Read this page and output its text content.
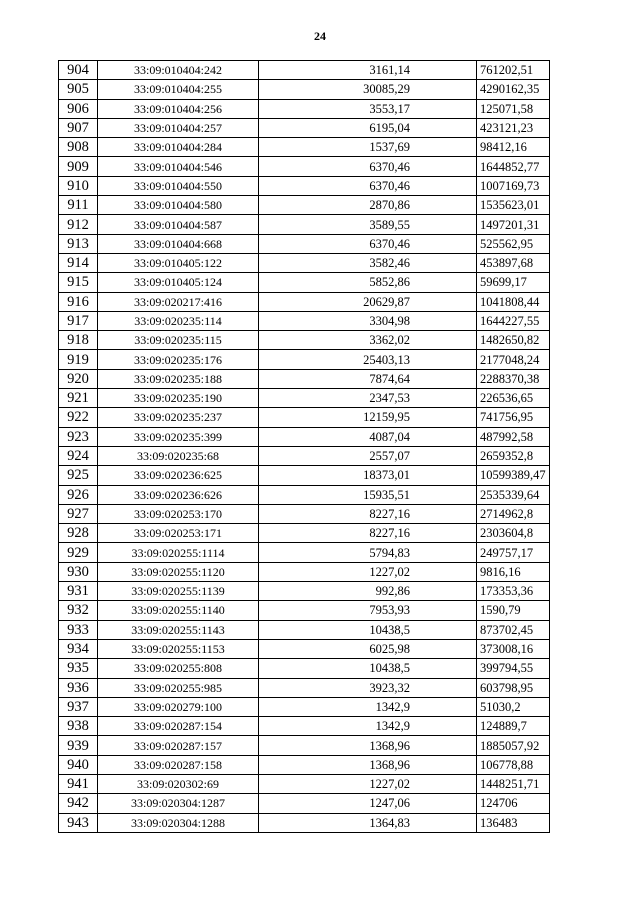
24
904	33:09:010404:242	3161,14	761202,51
905	33:09:010404:255	30085,29	4290162,35
906	33:09:010404:256	3553,17	125071,58
907	33:09:010404:257	6195,04	423121,23
908	33:09:010404:284	1537,69	98412,16
909	33:09:010404:546	6370,46	1644852,77
910	33:09:010404:550	6370,46	1007169,73
911	33:09:010404:580	2870,86	1535623,01
912	33:09:010404:587	3589,55	1497201,31
913	33:09:010404:668	6370,46	525562,95
914	33:09:010405:122	3582,46	453897,68
915	33:09:010405:124	5852,86	59699,17
916	33:09:020217:416	20629,87	1041808,44
917	33:09:020235:114	3304,98	1644227,55
918	33:09:020235:115	3362,02	1482650,82
919	33:09:020235:176	25403,13	2177048,24
920	33:09:020235:188	7874,64	2288370,38
921	33:09:020235:190	2347,53	226536,65
922	33:09:020235:237	12159,95	741756,95
923	33:09:020235:399	4087,04	487992,58
924	33:09:020235:68	2557,07	2659352,8
925	33:09:020236:625	18373,01	10599389,47
926	33:09:020236:626	15935,51	2535339,64
927	33:09:020253:170	8227,16	2714962,8
928	33:09:020253:171	8227,16	2303604,8
929	33:09:020255:1114	5794,83	249757,17
930	33:09:020255:1120	1227,02	9816,16
931	33:09:020255:1139	992,86	173353,36
932	33:09:020255:1140	7953,93	1590,79
933	33:09:020255:1143	10438,5	873702,45
934	33:09:020255:1153	6025,98	373008,16
935	33:09:020255:808	10438,5	399794,55
936	33:09:020255:985	3923,32	603798,95
937	33:09:020279:100	1342,9	51030,2
938	33:09:020287:154	1342,9	124889,7
939	33:09:020287:157	1368,96	1885057,92
940	33:09:020287:158	1368,96	106778,88
941	33:09:020302:69	1227,02	1448251,71
942	33:09:020304:1287	1247,06	124706
943	33:09:020304:1288	1364,83	136483
